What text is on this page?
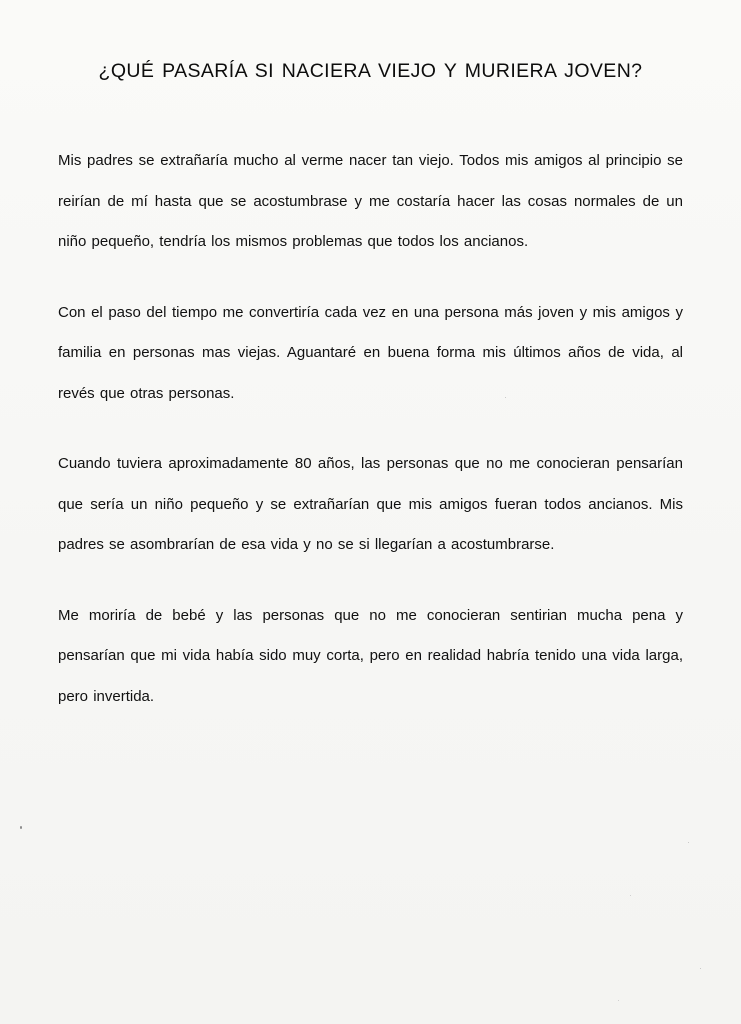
¿QUÉ PASARÍA SI NACIERA VIEJO Y MURIERA JOVEN?

Mis padres se extrañaría mucho al verme nacer tan viejo. Todos mis amigos al principio se reirían de mí hasta que se acostumbrase y me costaría hacer las cosas normales de un niño pequeño, tendría los mismos problemas que todos los ancianos.

Con el paso del tiempo me convertiría cada vez en una persona más joven y mis amigos y familia en personas mas viejas. Aguantaré en buena forma mis últimos años de vida, al revés que otras personas.

Cuando tuviera aproximadamente 80 años, las personas que no me conocieran pensarían que sería un niño pequeño y se extrañarían que mis amigos fueran todos ancianos. Mis padres se asombrarían de esa vida y no se si llegarían a acostumbrarse.

Me moriría de bebé y las personas que no me conocieran sentirian mucha pena y pensarían que mi vida había sido muy corta, pero en realidad habría tenido una vida larga, pero invertida.
